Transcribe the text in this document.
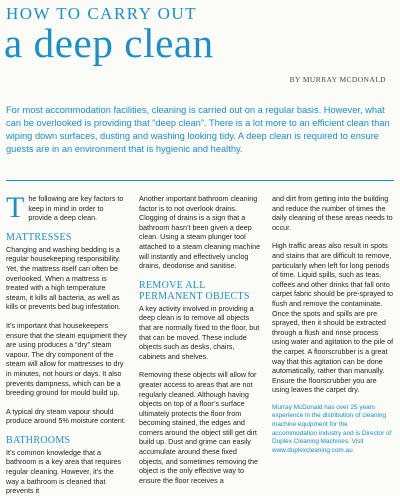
HOW TO CARRY OUT
a deep clean
BY MURRAY MCDONALD
For most accommodation facilities, cleaning is carried out on a regular basis. However, what can be overlooked is providing that “deep clean”. There is a lot more to an efficient clean than wiping down surfaces, dusting and washing looking tidy. A deep clean is required to ensure guests are in an environment that is hygienic and healthy.

The following are key factors to keep in mind in order to provide a deep clean.

MATTRESSES

Changing and washing bedding is a regular housekeeping responsibility. Yet, the mattress itself can often be overlooked. When a mattress is treated with a high temperature steam, it kills all bacteria, as well as kills or prevents bed bug infestation.

It’s important that housekeepers ensure that the steam equipment they are using produces a “dry” steam vapour. The dry component of the steam will allow for mattresses to dry in minutes, not hours or days. It also prevents dampness, which can be a breeding ground for mould build up.

A typical dry steam vapour should produce around 5% moisture content.

BATHROOMS

It’s common knowledge that a bathroom is a key area that requires regular cleaning. However, it’s the way a bathroom is cleaned that prevents it

Another important bathroom cleaning factor is to not overlook drains. Clogging of drains is a sign that a bathroom hasn’t been given a deep clean. Using a steam plunger tool attached to a steam cleaning machine will instantly and effectively unclog drains, deodorise and sanitise.

REMOVE ALL PERMANENT OBJECTS

A key activity involved in providing a deep clean is to remove all objects that are normally fixed to the floor, but that can be moved. These include objects such as desks, chairs, cabinets and shelves.

Removing these objects will allow for greater access to areas that are not regularly cleaned. Although having objects on top of a floor’s surface ultimately protects the floor from becoming stained, the edges and corners around the object still get dirt build up. Dust and grime can easily accumulate around these fixed objects, and sometimes removing the object is the only effective way to ensure the floor receives a

and dirt from getting into the building and reduce the number of times the daily cleaning of these areas needs to occur.

High traffic areas also result in spots and stains that are difficult to remove, particularly when left for long periods of time. Liquid spills, such as teas, coffees and other drinks that fall onto carpet fabric should be pre-sprayed to flush and remove the contaminate. Once the spots and spills are pre sprayed, then it should be extracted through a flush and rinse process using water and agitation to the pile of the carpet. A floorscrubber is a great way that this agitation can be done automatically, rather than manually. Ensure the floorscrubber you are using leaves the carpet dry.

Murray McDonald has over 25 years experience in the distribution of cleaning machine equipment for the accommodation industry and is Director of Duplex Cleaning Machines. Visit www.duplexcleaning.com.au
